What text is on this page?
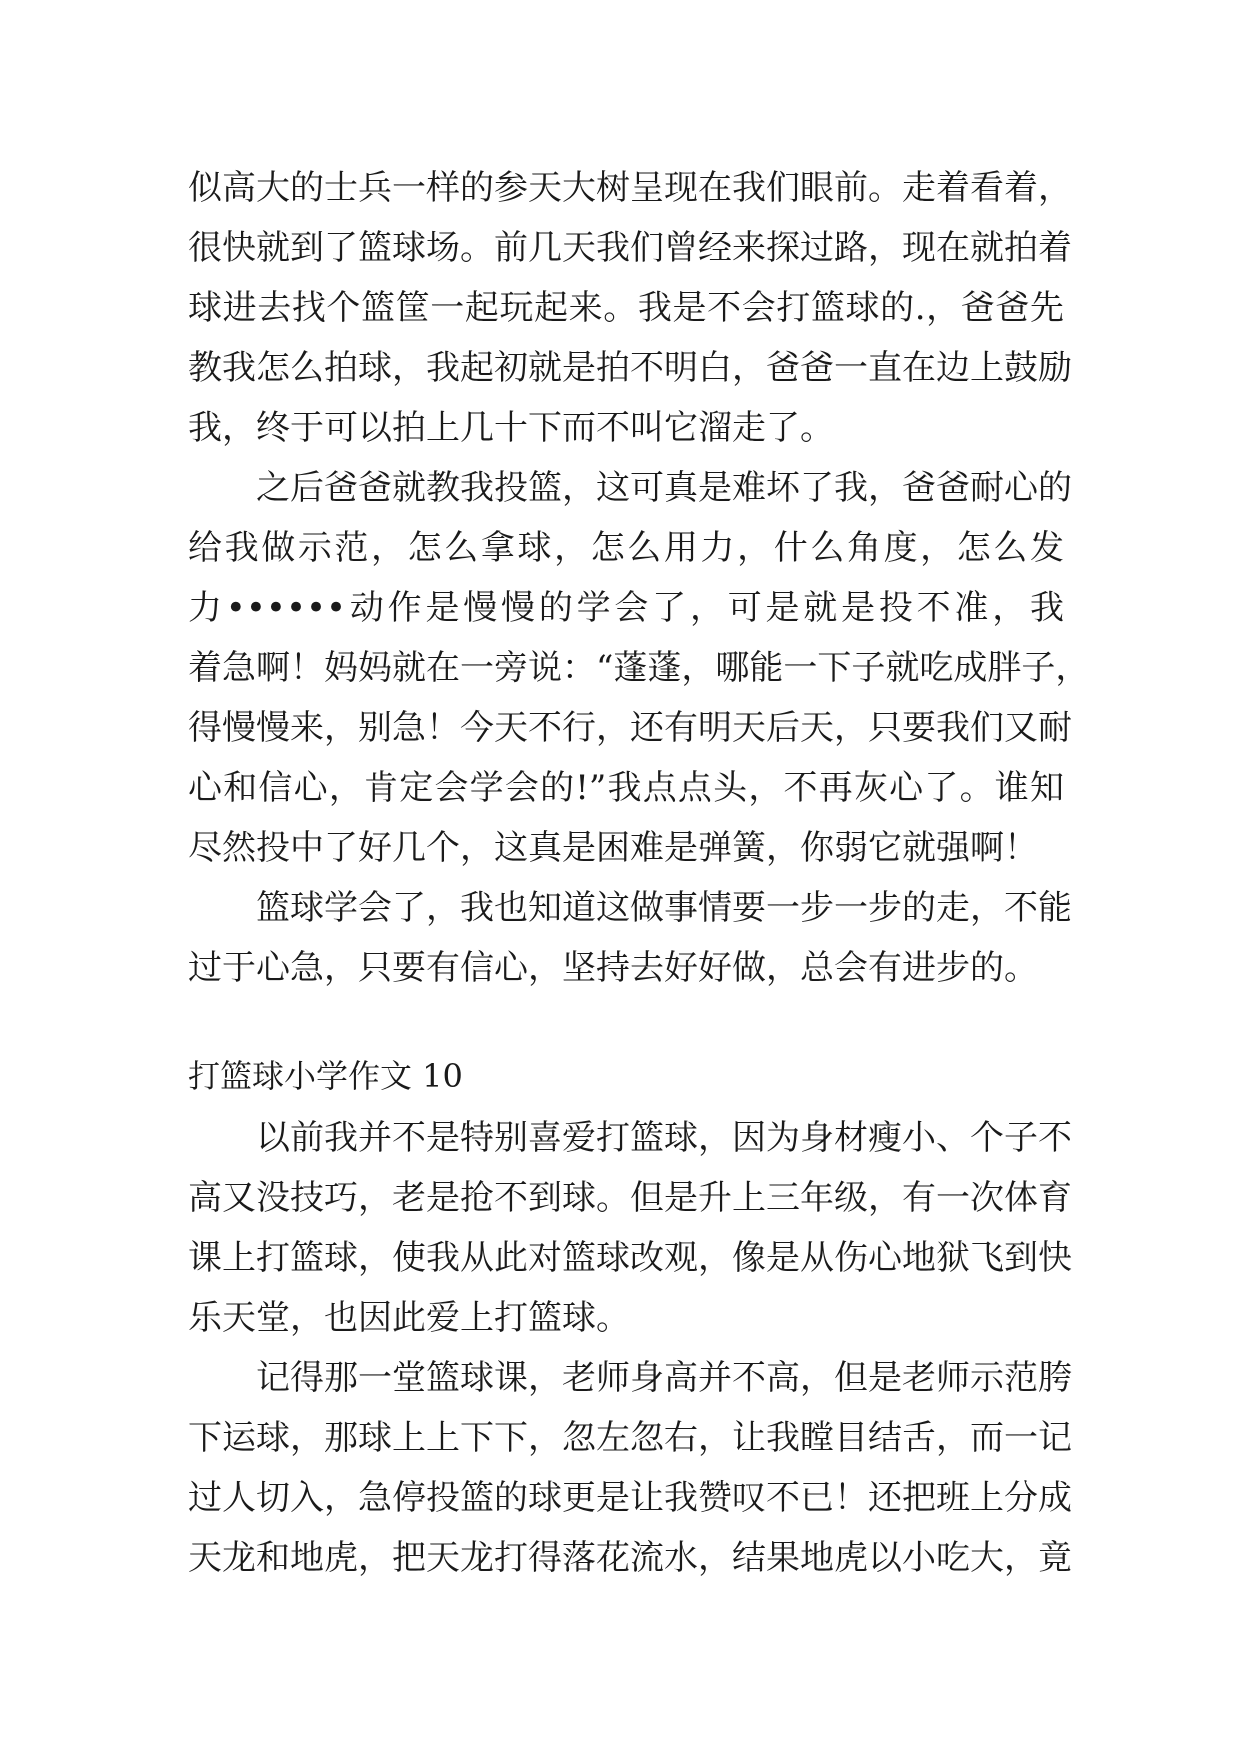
似高大的士兵一样的参天大树呈现在我们眼前。走着看着，
很快就到了篮球场。前几天我们曾经来探过路，现在就拍着
球进去找个篮筐一起玩起来。我是不会打篮球的.，爸爸先
教我怎么拍球，我起初就是拍不明白，爸爸一直在边上鼓励
我，终于可以拍上几十下而不叫它溜走了。
之后爸爸就教我投篮，这可真是难坏了我，爸爸耐心的
给我做示范，怎么拿球，怎么用力，什么角度，怎么发
力••••••动作是慢慢的学会了，可是就是投不准，我
着急啊！妈妈就在一旁说：“蓬蓬，哪能一下子就吃成胖子，
得慢慢来，别急！今天不行，还有明天后天，只要我们又耐
心和信心，肯定会学会的!”我点点头，不再灰心了。谁知
尽然投中了好几个，这真是困难是弹簧，你弱它就强啊！
篮球学会了，我也知道这做事情要一步一步的走，不能
过于心急，只要有信心，坚持去好好做，总会有进步的。
打篮球小学作文 10
以前我并不是特别喜爱打篮球，因为身材瘦小、个子不
高又没技巧，老是抢不到球。但是升上三年级，有一次体育
课上打篮球，使我从此对篮球改观，像是从伤心地狱飞到快
乐天堂，也因此爱上打篮球。
记得那一堂篮球课，老师身高并不高，但是老师示范胯
下运球，那球上上下下，忽左忽右，让我瞠目结舌，而一记
过人切入，急停投篮的球更是让我赞叹不已！还把班上分成
天龙和地虎，把天龙打得落花流水，结果地虎以小吃大，竟
